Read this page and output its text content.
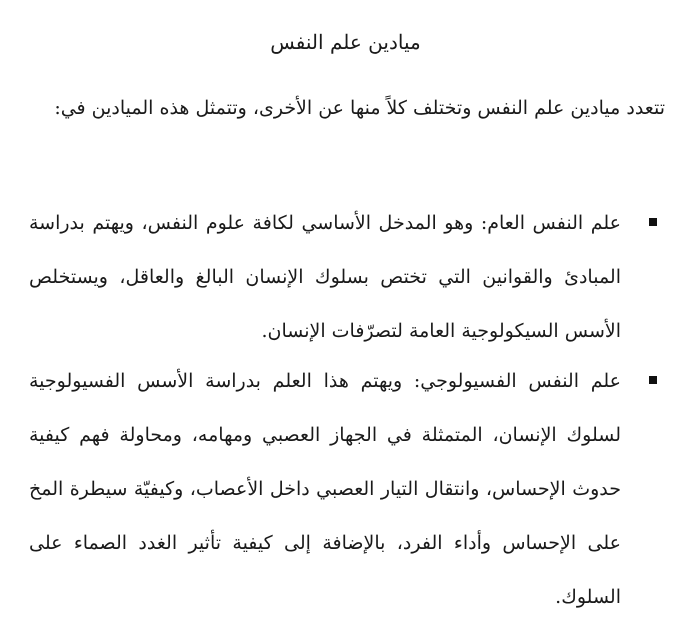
ميادين علم النفس

تتعدد ميادين علم النفس وتختلف كلاً منها عن الأخرى، وتتمثل هذه الميادين في:

علم النفس العام: وهو المدخل الأساسي لكافة علوم النفس، ويهتم بدراسة المبادئ والقوانين التي تختص بسلوك الإنسان البالغ والعاقل، ويستخلص الأسس السيكولوجية العامة لتصرّفات الإنسان.
علم النفس الفسيولوجي: ويهتم هذا العلم بدراسة الأسس الفسيولوجية لسلوك الإنسان، المتمثلة في الجهاز العصبي ومهامه، ومحاولة فهم كيفية حدوث الإحساس، وانتقال التيار العصبي داخل الأعصاب، وكيفيّة سيطرة المخ على الإحساس وأداء الفرد، بالإضافة إلى كيفية تأثير الغدد الصماء على السلوك.
